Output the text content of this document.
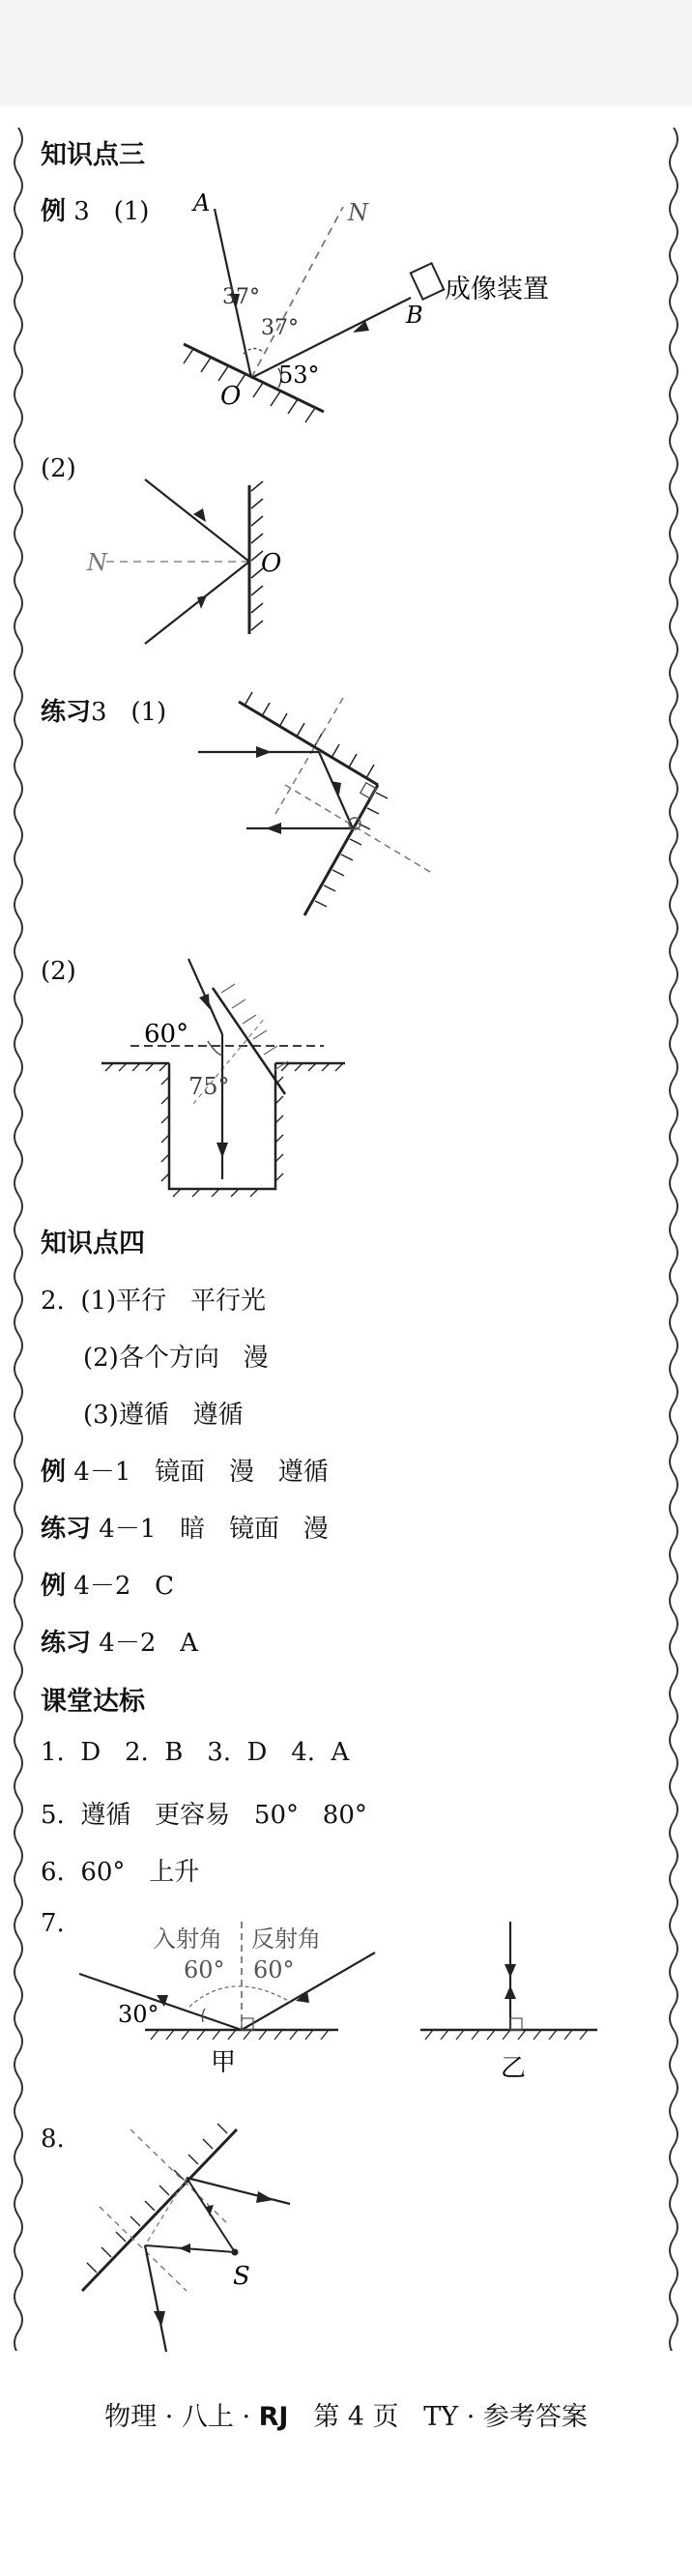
知识点三
例 3 (1) A	N
37°
37°
53°
O
B
成像装置
(2)
N	O
练习3 (1)
(2)
60°
75°
知识点四
2. (1)平行   平行光
(2)各个方向   漫
(3)遵循   遵循
例 4－1   镜面   漫   遵循
练习 4－1   暗   镜面   漫
例 4－2   C
练习 4－2   A
课堂达标
1.  D   2.  B   3.  D   4.  A
5.  遵循   更容易   50°   80°
6.  60°   上升
7.
入射角 反射角
60° 60°
30°
甲	乙
8.
S
物理 · 八上 · RJ   第 4 页   TY · 参考答案
